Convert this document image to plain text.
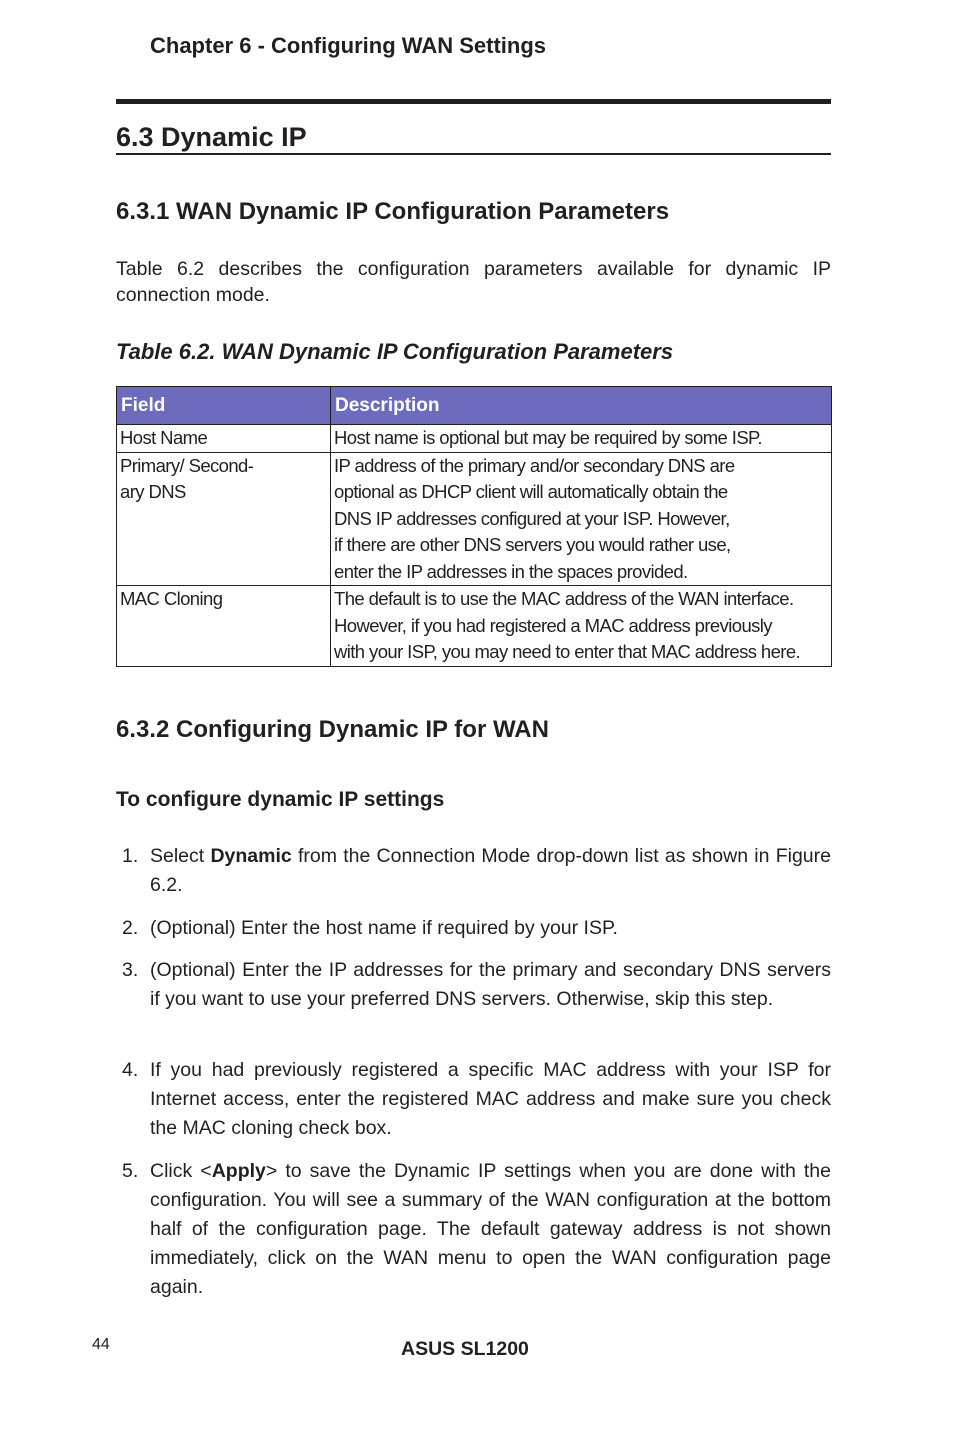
Chapter 6 - Configuring WAN Settings
6.3 Dynamic IP
6.3.1 WAN Dynamic IP Configuration Parameters
Table 6.2 describes the configuration parameters available for dynamic IP connection mode.
Table 6.2. WAN Dynamic IP Configuration Parameters
Field	Description

Host Name	Host name is optional but may be required by some ISP.

Primary/ Second-
ary DNS	IP address of the primary and/or secondary DNS are
optional as DHCP client will automatically obtain the
DNS IP addresses configured at your ISP. However,
if there are other DNS servers you would rather use,
enter the IP addresses in the spaces provided.

MAC Cloning	The default is to use the MAC address of the WAN interface.
However, if you had registered a MAC address previously
with your ISP, you may need to enter that MAC address here.
6.3.2 Configuring Dynamic IP for WAN
To configure dynamic IP settings
1. Select Dynamic from the Connection Mode drop-down list as shown in Figure 6.2.
2. (Optional) Enter the host name if required by your ISP.
3. (Optional) Enter the IP addresses for the primary and secondary DNS servers if you want to use your preferred DNS servers. Otherwise, skip this step.
4. If you had previously registered a specific MAC address with your ISP for Internet access, enter the registered MAC address and make sure you check the MAC cloning check box.
5. Click <Apply> to save the Dynamic IP settings when you are done with the configuration. You will see a summary of the WAN configuration at the bottom half of the configuration page. The default gateway address is not shown immediately, click on the WAN menu to open the WAN configuration page again.
44	ASUS SL1200
